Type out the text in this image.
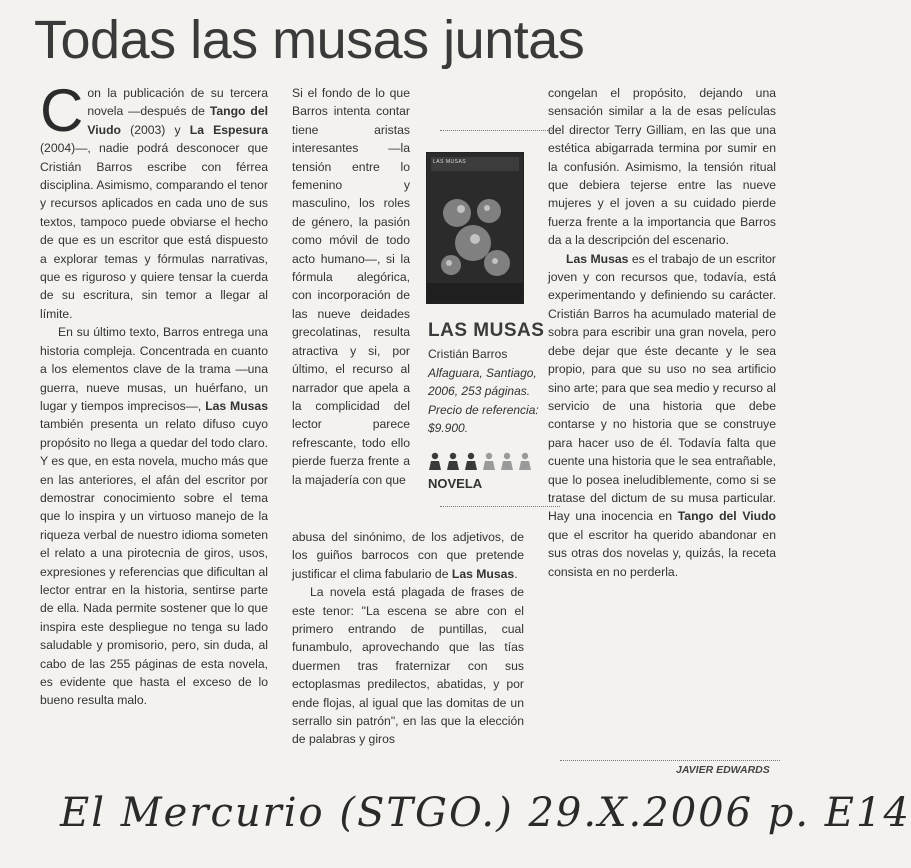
Todas las musas juntas
C on la publicación de su tercera novela —después de Tango del Viudo (2003) y La Espesura (2004)—, nadie podrá desconocer que Cristián Barros escribe con férrea disciplina. Asimismo, comparando el tenor y recursos aplicados en cada uno de sus textos, tampoco puede obviarse el hecho de que es un escritor que está dispuesto a explorar temas y fórmulas narrativas, que es riguroso y quiere tensar la cuerda de su escritura, sin temor a llegar al límite.

En su último texto, Barros entrega una historia compleja. Concentrada en cuanto a los elementos clave de la trama —una guerra, nueve musas, un huérfano, un lugar y tiempos imprecisos—, Las Musas también presenta un relato difuso cuyo propósito no llega a quedar del todo claro. Y es que, en esta novela, mucho más que en las anteriores, el afán del escritor por demostrar conocimiento sobre el tema que lo inspira y un virtuoso manejo de la riqueza verbal de nuestro idioma someten el relato a una pirotecnia de giros, usos, expresiones y referencias que dificultan al lector entrar en la historia, sentirse parte de ella. Nada permite sostener que lo que inspira este despliegue no tenga su lado saludable y promisorio, pero, sin duda, al cabo de las 255 páginas de esta novela, es evidente que hasta el exceso de lo bueno resulta malo.

Si el fondo de lo que Barros intenta contar tiene aristas interesantes —la tensión entre lo femenino y masculino, los roles de género, la pasión como móvil de todo acto humano—, si la fórmula alegórica, con incorporación de las nueve deidades grecolatinas, resulta atractiva y si, por último, el recurso al narrador que apela a la complicidad del lector parece refrescante, todo ello pierde fuerza frente a la majadería con que

LAS MUSAS
LAS MUSAS
Cristián Barros
Alfaguara, Santiago, 2006, 253 páginas.
Precio de referencia: $9.900.
NOVELA

abusa del sinónimo, de los adjetivos, de los guiños barrocos con que pretende justificar el clima fabulario de Las Musas.

La novela está plagada de frases de este tenor: "La escena se abre con el primero entrando de puntillas, cual funambulo, aprovechando que las tías duermen tras fraternizar con sus ectoplasmas predilectos, abatidas, y por ende flojas, al igual que las domitas de un serrallo sin patrón", en las que la elección de palabras y giros

congelan el propósito, dejando una sensación similar a la de esas películas del director Terry Gilliam, en las que una estética abigarrada termina por sumir en la confusión. Asimismo, la tensión ritual que debiera tejerse entre las nueve mujeres y el joven a su cuidado pierde fuerza frente a la importancia que Barros da a la descripción del escenario.

Las Musas es el trabajo de un escritor joven y con recursos que, todavía, está experimentando y definiendo su carácter. Cristián Barros ha acumulado material de sobra para escribir una gran novela, pero debe dejar que éste decante y le sea propio, para que su uso no sea artificio sino arte; para que sea medio y recurso al servicio de una historia que debe contarse y no historia que se construye para hacer uso de él. Todavía falta que cuente una historia que le sea entrañable, que lo posea ineludiblemente, como si se tratase del dictum de su musa particular. Hay una inocencia en Tango del Viudo que el escritor ha querido abandonar en sus otras dos novelas y, quizás, la receta consista en no perderla.

JAVIER EDWARDS
El Mercurio (STGO.) 29.X.2006 p. E14
